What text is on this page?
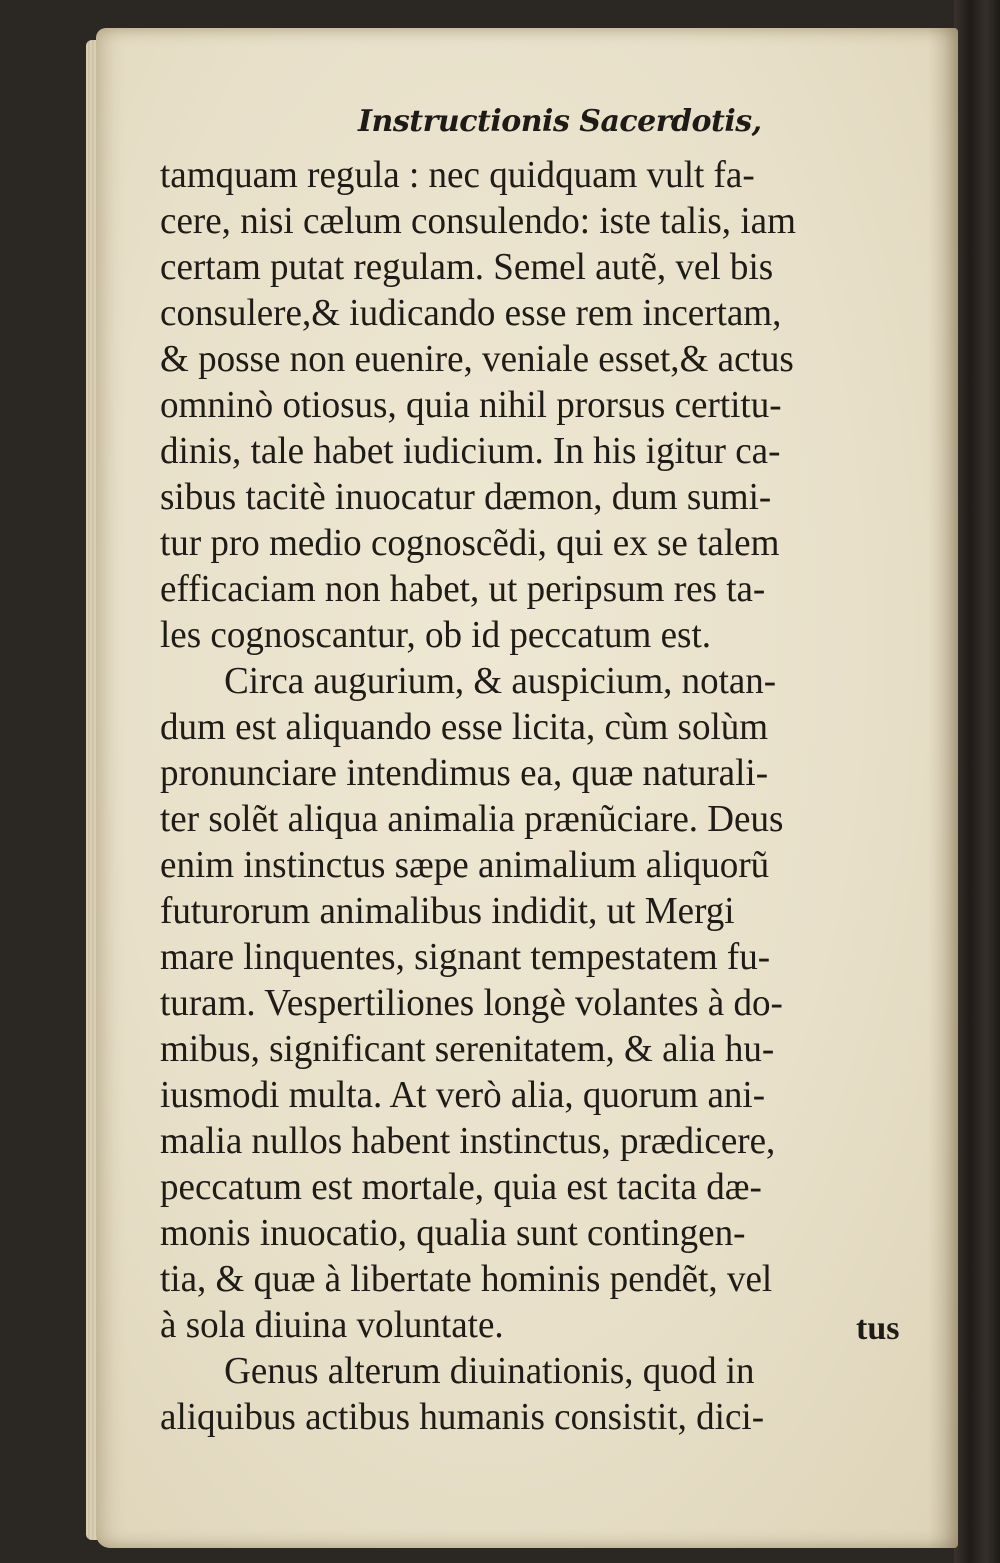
Instructionis Sacerdotis,
tamquam regula : nec quidquam vult fa-
cere, nisi cælum consulendo: iste talis, iam
certam putat regulam. Semel autẽ, vel bis
consulere,& iudicando esse rem incertam,
& posse non euenire, veniale esset,& actus
omninò otiosus, quia nihil prorsus certitu-
dinis, tale habet iudicium. In his igitur ca-
sibus tacitè inuocatur dæmon, dum sumi-
tur pro medio cognoscẽdi, qui ex se talem
efficaciam non habet, ut peripsum res ta-
les cognoscantur, ob id peccatum est.
Circa augurium, & auspicium, notan-
dum est aliquando esse licita, cùm solùm
pronunciare intendimus ea, quæ naturali-
ter solẽt aliqua animalia prænũciare. Deus
enim instinctus sæpe animalium aliquorũ
futurorum animalibus indidit, ut Mergi
mare linquentes, signant tempestatem fu-
turam. Vespertiliones longè volantes à do-
mibus, significant serenitatem, & alia hu-
iusmodi multa. At verò alia, quorum ani-
malia nullos habent instinctus, prædicere,
peccatum est mortale, quia est tacita dæ-
monis inuocatio, qualia sunt contingen-
tia, & quæ à libertate hominis pendẽt, vel
à sola diuina voluntate.
Genus alterum diuinationis, quod in
aliquibus actibus humanis consistit, dici-
tus
